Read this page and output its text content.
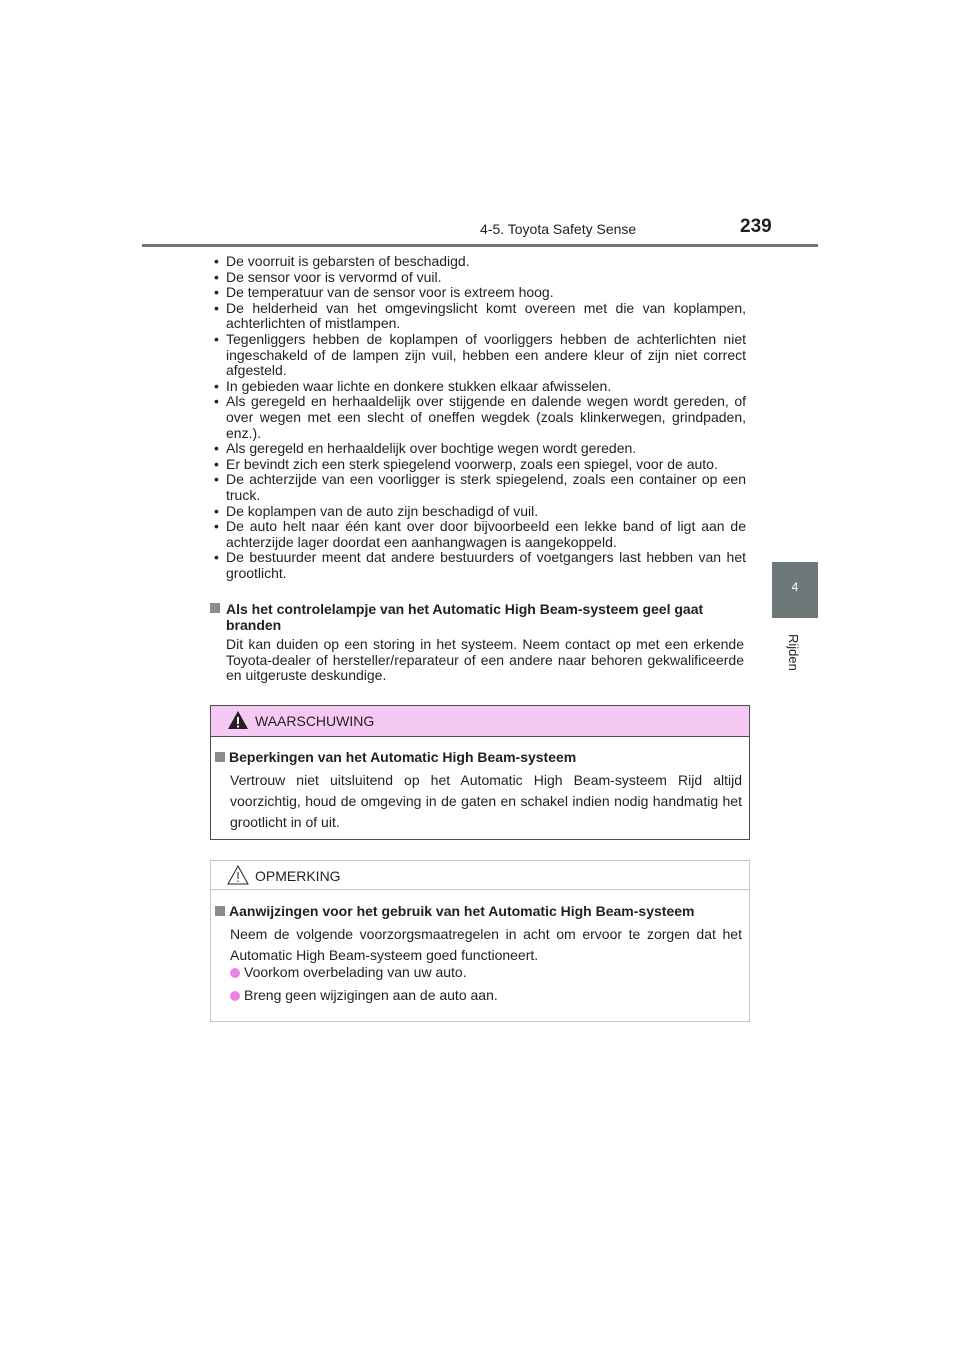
4-5. Toyota Safety Sense	239
4
Rijden
• De voorruit is gebarsten of beschadigd.
• De sensor voor is vervormd of vuil.
• De temperatuur van de sensor voor is extreem hoog.
• De helderheid van het omgevingslicht komt overeen met die van koplampen, achterlichten of mistlampen.
• Tegenliggers hebben de koplampen of voorliggers hebben de achterlichten niet ingeschakeld of de lampen zijn vuil, hebben een andere kleur of zijn niet correct afgesteld.
• In gebieden waar lichte en donkere stukken elkaar afwisselen.
• Als geregeld en herhaaldelijk over stijgende en dalende wegen wordt gereden, of over wegen met een slecht of oneffen wegdek (zoals klinkerwegen, grindpaden, enz.).
• Als geregeld en herhaaldelijk over bochtige wegen wordt gereden.
• Er bevindt zich een sterk spiegelend voorwerp, zoals een spiegel, voor de auto.
• De achterzijde van een voorligger is sterk spiegelend, zoals een container op een truck.
• De koplampen van de auto zijn beschadigd of vuil.
• De auto helt naar één kant over door bijvoorbeeld een lekke band of ligt aan de achterzijde lager doordat een aanhangwagen is aangekoppeld.
• De bestuurder meent dat andere bestuurders of voetgangers last hebben van het grootlicht.
Als het controlelampje van het Automatic High Beam-systeem geel gaat branden
Dit kan duiden op een storing in het systeem. Neem contact op met een erkende Toyota-dealer of hersteller/reparateur of een andere naar behoren gekwalificeerde en uitgeruste deskundige.
WAARSCHUWING
Beperkingen van het Automatic High Beam-systeem
Vertrouw niet uitsluitend op het Automatic High Beam-systeem Rijd altijd voorzichtig, houd de omgeving in de gaten en schakel indien nodig handmatig het grootlicht in of uit.
OPMERKING
Aanwijzingen voor het gebruik van het Automatic High Beam-systeem
Neem de volgende voorzorgsmaatregelen in acht om ervoor te zorgen dat het Automatic High Beam-systeem goed functioneert.
Voorkom overbelading van uw auto.
Breng geen wijzigingen aan de auto aan.
